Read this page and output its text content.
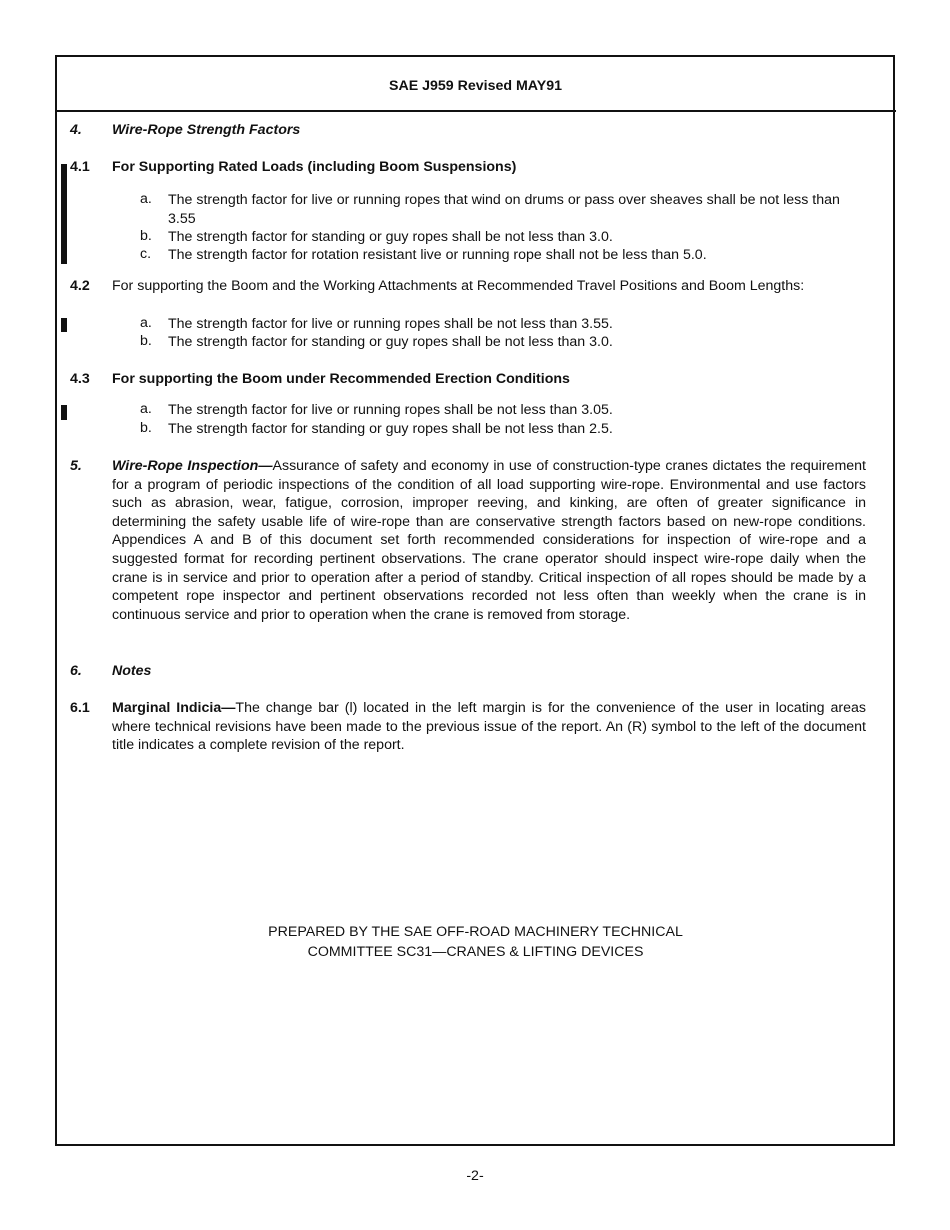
SAE J959 Revised MAY91
4. Wire-Rope Strength Factors
4.1 For Supporting Rated Loads (including Boom Suspensions)
a. The strength factor for live or running ropes that wind on drums or pass over sheaves shall be not less than 3.55
b. The strength factor for standing or guy ropes shall be not less than 3.0.
c. The strength factor for rotation resistant live or running rope shall not be less than 5.0.
4.2 For supporting the Boom and the Working Attachments at Recommended Travel Positions and Boom Lengths:
a. The strength factor for live or running ropes shall be not less than 3.55.
b. The strength factor for standing or guy ropes shall be not less than 3.0.
4.3 For supporting the Boom under Recommended Erection Conditions
a. The strength factor for live or running ropes shall be not less than 3.05.
b. The strength factor for standing or guy ropes shall be not less than 2.5.
5. Wire-Rope Inspection—Assurance of safety and economy in use of construction-type cranes dictates the requirement for a program of periodic inspections of the condition of all load supporting wire-rope. Environmental and use factors such as abrasion, wear, fatigue, corrosion, improper reeving, and kinking, are often of greater significance in determining the safety usable life of wire-rope than are conservative strength factors based on new-rope conditions. Appendices A and B of this document set forth recommended considerations for inspection of wire-rope and a suggested format for recording pertinent observations. The crane operator should inspect wire-rope daily when the crane is in service and prior to operation after a period of standby. Critical inspection of all ropes should be made by a competent rope inspector and pertinent observations recorded not less often than weekly when the crane is in continuous service and prior to operation when the crane is removed from storage.
6. Notes
6.1 Marginal Indicia—The change bar (l) located in the left margin is for the convenience of the user in locating areas where technical revisions have been made to the previous issue of the report. An (R) symbol to the left of the document title indicates a complete revision of the report.
PREPARED BY THE SAE OFF-ROAD MACHINERY TECHNICAL
COMMITTEE SC31—CRANES & LIFTING DEVICES
-2-
